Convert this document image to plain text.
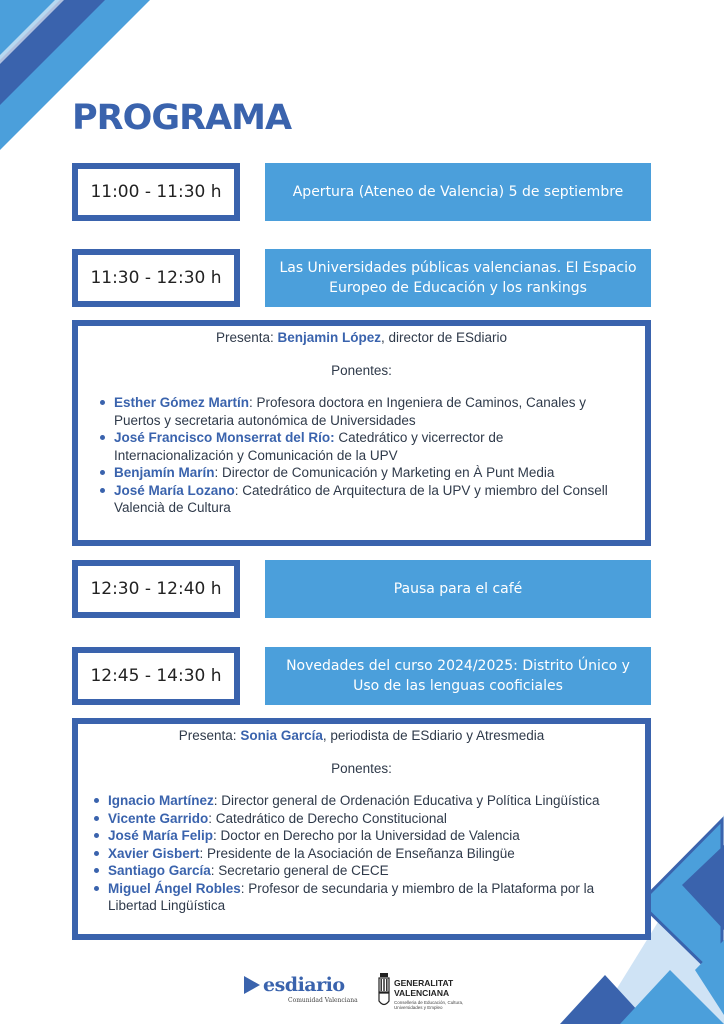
PROGRAMA
11:00 - 11:30 h	Apertura (Ateneo de Valencia) 5 de septiembre
11:30 - 12:30 h
Las Universidades públicas valencianas. El Espacio Europeo de Educación y los rankings
Presenta: Benjamin López, director de ESdiario
Ponentes:
Esther Gómez Martín: Profesora doctora en Ingeniera de Caminos, Canales y Puertos y secretaria autonómica de Universidades
José Francisco Monserrat del Río: Catedrático y vicerrector de Internacionalización y Comunicación de la UPV
Benjamín Marín: Director de Comunicación y Marketing en À Punt Media
José María Lozano: Catedrático de Arquitectura de la UPV y miembro del Consell Valencià de Cultura
12:30 - 12:40 h	Pausa para el café
12:45 - 14:30 h
Novedades del curso 2024/2025: Distrito Único y Uso de las lenguas cooficiales
Presenta: Sonia García, periodista de ESdiario y Atresmedia
Ponentes:
Ignacio Martínez: Director general de Ordenación Educativa y Política Lingüística
Vicente Garrido: Catedrático de Derecho Constitucional
José María Felip: Doctor en Derecho por la Universidad de Valencia
Xavier Gisbert: Presidente de la Asociación de Enseñanza Bilingüe
Santiago García: Secretario general de CECE
Miguel Ángel Robles: Profesor de secundaria y miembro de la Plataforma por la Libertad Lingüística
esdiario
Comunidad Valenciana
GENERALITAT
VALENCIANA
Conselleria de Educación, Cultura,
Universidades y Empleo
